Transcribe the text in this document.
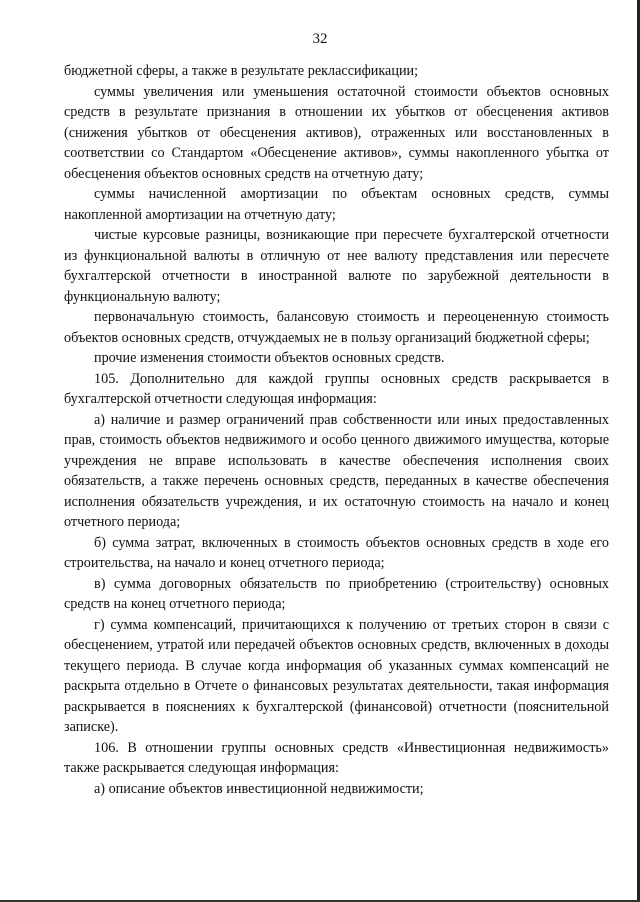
32

бюджетной сферы, а также в результате реклассификации;

суммы увеличения или уменьшения остаточной стоимости объектов основных средств в результате признания в отношении их убытков от обесценения активов (снижения убытков от обесценения активов), отраженных или восстановленных в соответствии со Стандартом «Обесценение активов», суммы накопленного убытка от обесценения объектов основных средств на отчетную дату;

суммы начисленной амортизации по объектам основных средств, суммы накопленной амортизации на отчетную дату;

чистые курсовые разницы, возникающие при пересчете бухгалтерской отчетности из функциональной валюты в отличную от нее валюту представления или пересчете бухгалтерской отчетности в иностранной валюте по зарубежной деятельности в функциональную валюту;

первоначальную стоимость, балансовую стоимость и переоцененную стоимость объектов основных средств, отчуждаемых не в пользу организаций бюджетной сферы;

прочие изменения стоимости объектов основных средств.

105. Дополнительно для каждой группы основных средств раскрывается в бухгалтерской отчетности следующая информация:

а) наличие и размер ограничений прав собственности или иных предоставленных прав, стоимость объектов недвижимого и особо ценного движимого имущества, которые учреждения не вправе использовать в качестве обеспечения исполнения своих обязательств, а также перечень основных средств, переданных в качестве обеспечения исполнения обязательств учреждения, и их остаточную стоимость на начало и конец отчетного периода;

б) сумма затрат, включенных в стоимость объектов основных средств в ходе его строительства, на начало и конец отчетного периода;

в) сумма договорных обязательств по приобретению (строительству) основных средств на конец отчетного периода;

г) сумма компенсаций, причитающихся к получению от третьих сторон в связи с обесценением, утратой или передачей объектов основных средств, включенных в доходы текущего периода. В случае когда информация об указанных суммах компенсаций не раскрыта отдельно в Отчете о финансовых результатах деятельности, такая информация раскрывается в пояснениях к бухгалтерской (финансовой) отчетности (пояснительной записке).

106. В отношении группы основных средств «Инвестиционная недвижимость» также раскрывается следующая информация:

а) описание объектов инвестиционной недвижимости;
